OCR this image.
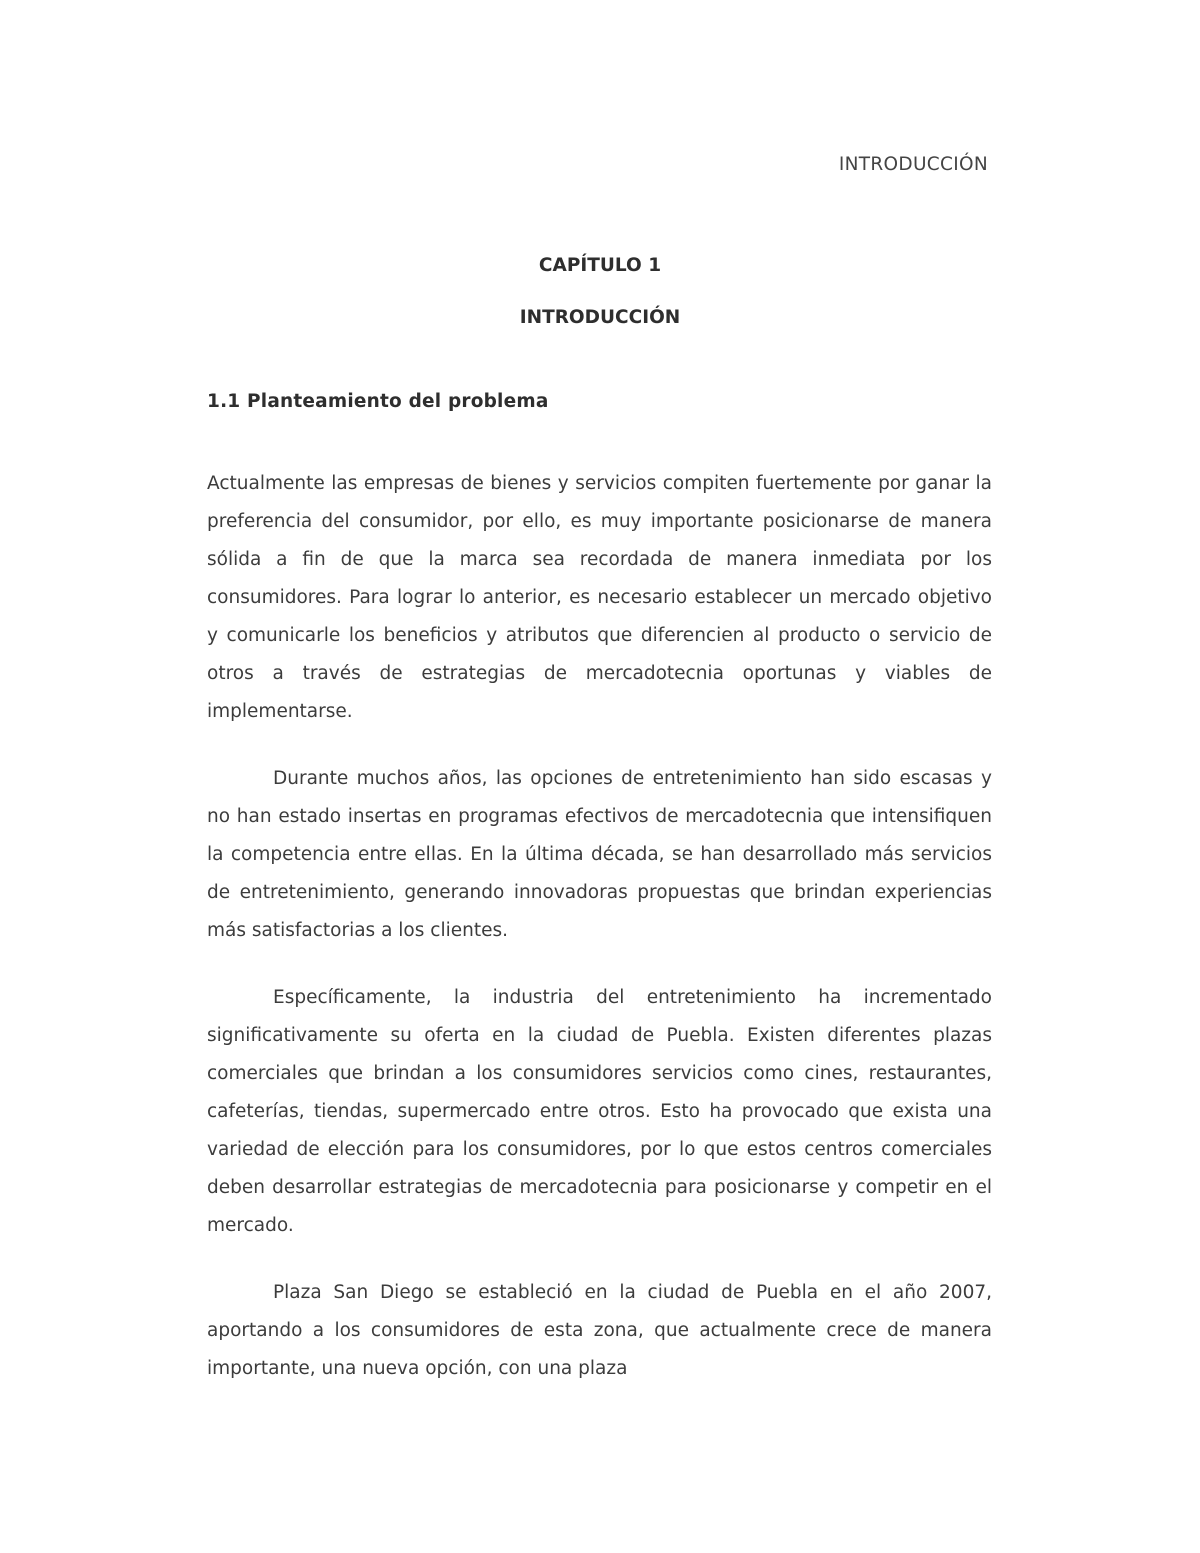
INTRODUCCIÓN
CAPÍTULO 1
INTRODUCCIÓN
1.1 Planteamiento del problema

Actualmente las empresas de bienes y servicios compiten fuertemente por ganar la preferencia del consumidor, por ello, es muy importante posicionarse de manera sólida a fin de que la marca sea recordada de manera inmediata por los consumidores. Para lograr lo anterior, es necesario establecer un mercado objetivo y comunicarle los beneficios y atributos que diferencien al producto o servicio de otros a través de estrategias de mercadotecnia oportunas y viables de implementarse.

Durante muchos años, las opciones de entretenimiento han sido escasas y no han estado insertas en programas efectivos de mercadotecnia que intensifiquen la competencia entre ellas. En la última década, se han desarrollado más servicios de entretenimiento, generando innovadoras propuestas que brindan experiencias más satisfactorias a los clientes.

Específicamente, la industria del entretenimiento ha incrementado significativamente su oferta en la ciudad de Puebla. Existen diferentes plazas comerciales que brindan a los consumidores servicios como cines, restaurantes, cafeterías, tiendas, supermercado entre otros. Esto ha provocado que exista una variedad de elección para los consumidores, por lo que estos centros comerciales deben desarrollar estrategias de mercadotecnia para posicionarse y competir en el mercado.

Plaza San Diego se estableció en la ciudad de Puebla en el año 2007, aportando a los consumidores de esta zona, que actualmente crece de manera importante, una nueva opción, con una plaza
